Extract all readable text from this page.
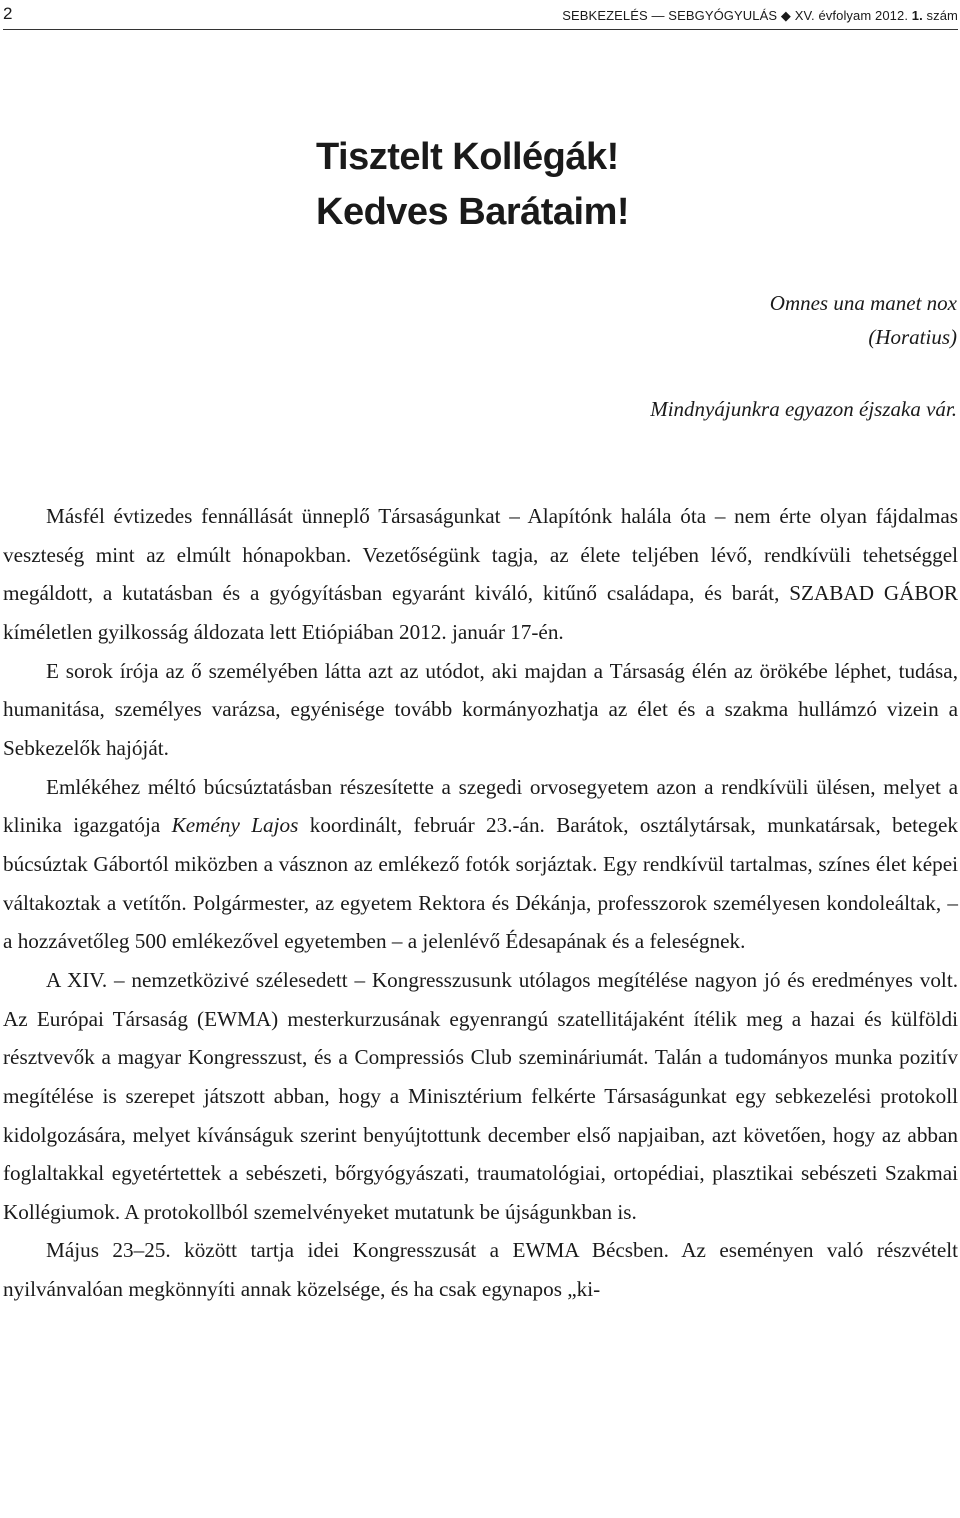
2	SEBKEZELÉS — SEBGYÓGYULÁS ◆ XV. évfolyam 2012. 1. szám
Tisztelt Kollégák!
Kedves Barátaim!
Omnes una manet nox
(Horatius)
Mindnyájunkra egyazon éjszaka vár.

Másfél évtizedes fennállását ünneplő Társaságunkat – Alapítónk halála óta – nem érte olyan fájdalmas veszteség mint az elmúlt hónapokban. Vezetőségünk tagja, az élete teljében lévő, rendkívüli tehetséggel megáldott, a kutatásban és a gyógyításban egyaránt kiváló, kitűnő családapa, és barát, SZABAD GÁBOR kíméletlen gyilkosság áldozata lett Etiópiában 2012. január 17-én.

E sorok írója az ő személyében látta azt az utódot, aki majdan a Társaság élén az örökébe léphet, tudása, humanitása, személyes varázsa, egyénisége tovább kormányozhatja az élet és a szakma hullámzó vizein a Sebkezelők hajóját.

Emlékéhez méltó búcsúztatásban részesítette a szegedi orvosegyetem azon a rendkívüli ülésen, melyet a klinika igazgatója Kemény Lajos koordinált, február 23.-án. Barátok, osztálytársak, munkatársak, betegek búcsúztak Gábortól miközben a vásznon az emlékező fotók sorjáztak. Egy rendkívül tartalmas, színes élet képei váltakoztak a vetítőn. Polgármester, az egyetem Rektora és Dékánja, professzorok személyesen kondoleáltak, – a hozzávetőleg 500 emlékezővel egyetemben – a jelenlévő Édesapának és a feleségnek.

A XIV. – nemzetközivé szélesedett – Kongresszusunk utólagos megítélése nagyon jó és eredményes volt. Az Európai Társaság (EWMA) mesterkurzusának egyenrangú szatellitájaként ítélik meg a hazai és külföldi résztvevők a magyar Kongresszust, és a Compressiós Club szemináriumát. Talán a tudományos munka pozitív megítélése is szerepet játszott abban, hogy a Minisztérium felkérte Társaságunkat egy sebkezelési protokoll kidolgozására, melyet kívánságuk szerint benyújtottunk december első napjaiban, azt követően, hogy az abban foglaltakkal egyetértettek a sebészeti, bőrgyógyászati, traumatológiai, ortopédiai, plasztikai sebészeti Szakmai Kollégiumok. A protokollból szemelvényeket mutatunk be újságunkban is.

Május 23–25. között tartja idei Kongresszusát a EWMA Bécsben. Az eseményen való részvételt nyilvánvalóan megkönnyíti annak közelsége, és ha csak egynapos „ki-
